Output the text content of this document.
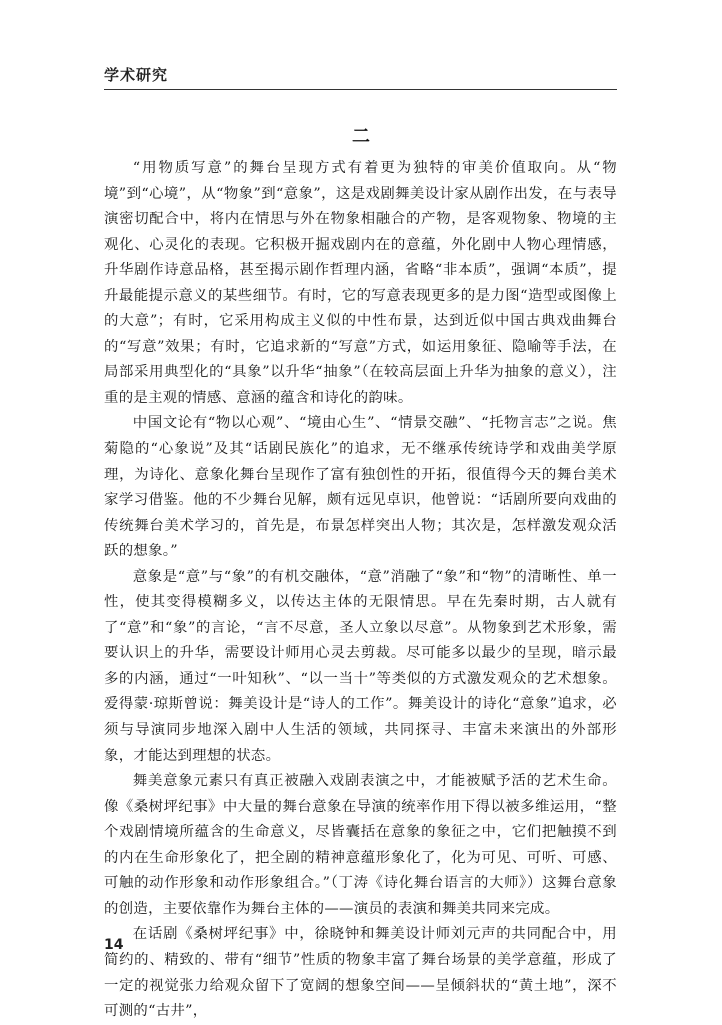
学术研究
二

“用物质写意”的舞台呈现方式有着更为独特的审美价值取向。从“物境”到“心境”，从“物象”到“意象”，这是戏剧舞美设计家从剧作出发，在与表导演密切配合中，将内在情思与外在物象相融合的产物，是客观物象、物境的主观化、心灵化的表现。它积极开掘戏剧内在的意蕴，外化剧中人物心理情感，升华剧作诗意品格，甚至揭示剧作哲理内涵，省略“非本质”，强调“本质”，提升最能提示意义的某些细节。有时，它的写意表现更多的是力图“造型或图像上的大意”；有时，它采用构成主义似的中性布景，达到近似中国古典戏曲舞台的“写意”效果；有时，它追求新的“写意”方式，如运用象征、隐喻等手法，在局部采用典型化的“具象”以升华“抽象”（在较高层面上升华为抽象的意义），注重的是主观的情感、意涵的蕴含和诗化的韵味。

中国文论有“物以心观”、“境由心生”、“情景交融”、“托物言志”之说。焦菊隐的“心象说”及其“话剧民族化”的追求，无不继承传统诗学和戏曲美学原理，为诗化、意象化舞台呈现作了富有独创性的开拓，很值得今天的舞台美术家学习借鉴。他的不少舞台见解，颇有远见卓识，他曾说：“话剧所要向戏曲的传统舞台美术学习的，首先是，布景怎样突出人物；其次是，怎样激发观众活跃的想象。”

意象是“意”与“象”的有机交融体，“意”消融了“象”和“物”的清晰性、单一性，使其变得模糊多义，以传达主体的无限情思。早在先秦时期，古人就有了“意”和“象”的言论，“言不尽意，圣人立象以尽意”。从物象到艺术形象，需要认识上的升华，需要设计师用心灵去剪裁。尽可能多以最少的呈现，暗示最多的内涵，通过“一叶知秋”、“以一当十”等类似的方式激发观众的艺术想象。爱得蒙·琼斯曾说：舞美设计是“诗人的工作”。舞美设计的诗化“意象”追求，必须与导演同步地深入剧中人生活的领域，共同探寻、丰富未来演出的外部形象，才能达到理想的状态。

舞美意象元素只有真正被融入戏剧表演之中，才能被赋予活的艺术生命。像《桑树坪纪事》中大量的舞台意象在导演的统率作用下得以被多维运用，“整个戏剧情境所蕴含的生命意义，尽皆囊括在意象的象征之中，它们把触摸不到的内在生命形象化了，把全剧的精神意蕴形象化了，化为可见、可听、可感、可触的动作形象和动作形象组合。”（丁涛《诗化舞台语言的大师》）这舞台意象的创造，主要依靠作为舞台主体的——演员的表演和舞美共同来完成。

在话剧《桑树坪纪事》中，徐晓钟和舞美设计师刘元声的共同配合中，用简约的、精致的、带有“细节”性质的物象丰富了舞台场景的美学意蕴，形成了一定的视觉张力给观众留下了宽阔的想象空间——呈倾斜状的“黄土地”，深不可测的“古井”，

14
